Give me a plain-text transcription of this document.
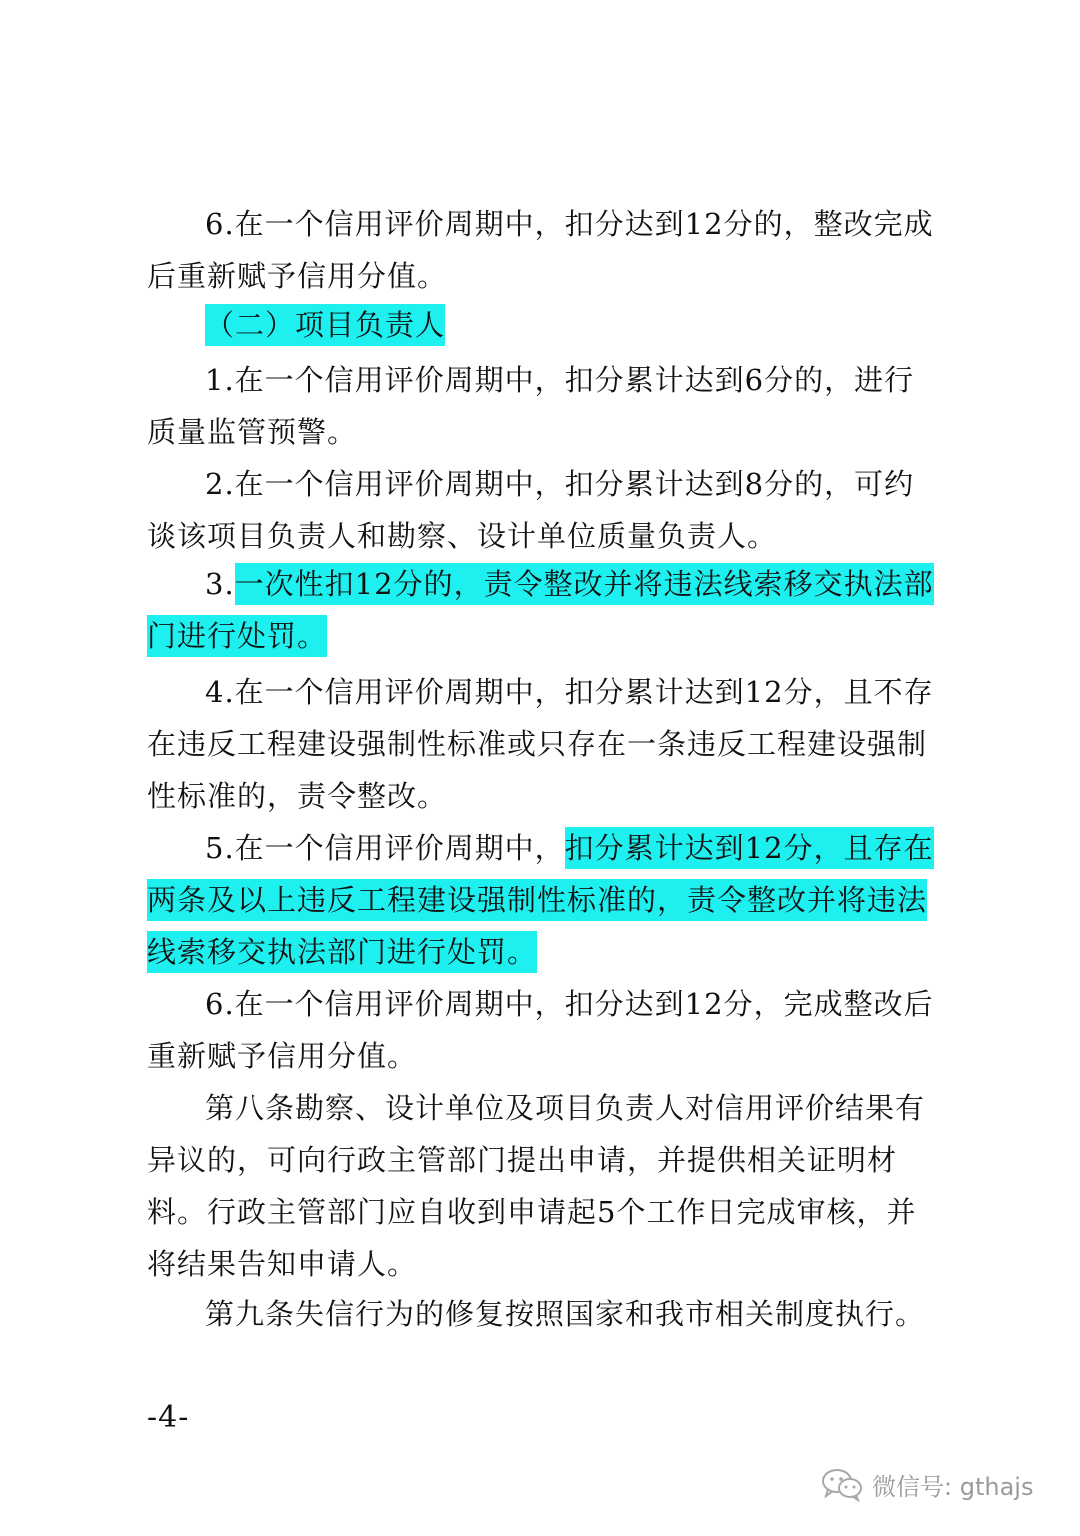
6.在一个信用评价周期中，扣分达到12分的，整改完成后重新赋予信用分值。

（二）项目负责人

1.在一个信用评价周期中，扣分累计达到6分的，进行质量监管预警。

2.在一个信用评价周期中，扣分累计达到8分的，可约谈该项目负责人和勘察、设计单位质量负责人。

3.一次性扣12分的，责令整改并将违法线索移交执法部门进行处罚。

4.在一个信用评价周期中，扣分累计达到12分，且不存在违反工程建设强制性标准或只存在一条违反工程建设强制性标准的，责令整改。

5.在一个信用评价周期中，扣分累计达到12分，且存在两条及以上违反工程建设强制性标准的，责令整改并将违法线索移交执法部门进行处罚。

6.在一个信用评价周期中，扣分达到12分，完成整改后重新赋予信用分值。

第八条勘察、设计单位及项目负责人对信用评价结果有异议的，可向行政主管部门提出申请，并提供相关证明材料。行政主管部门应自收到申请起5个工作日完成审核，并将结果告知申请人。

第九条失信行为的修复按照国家和我市相关制度执行。

-4-
微信号: gthajs
